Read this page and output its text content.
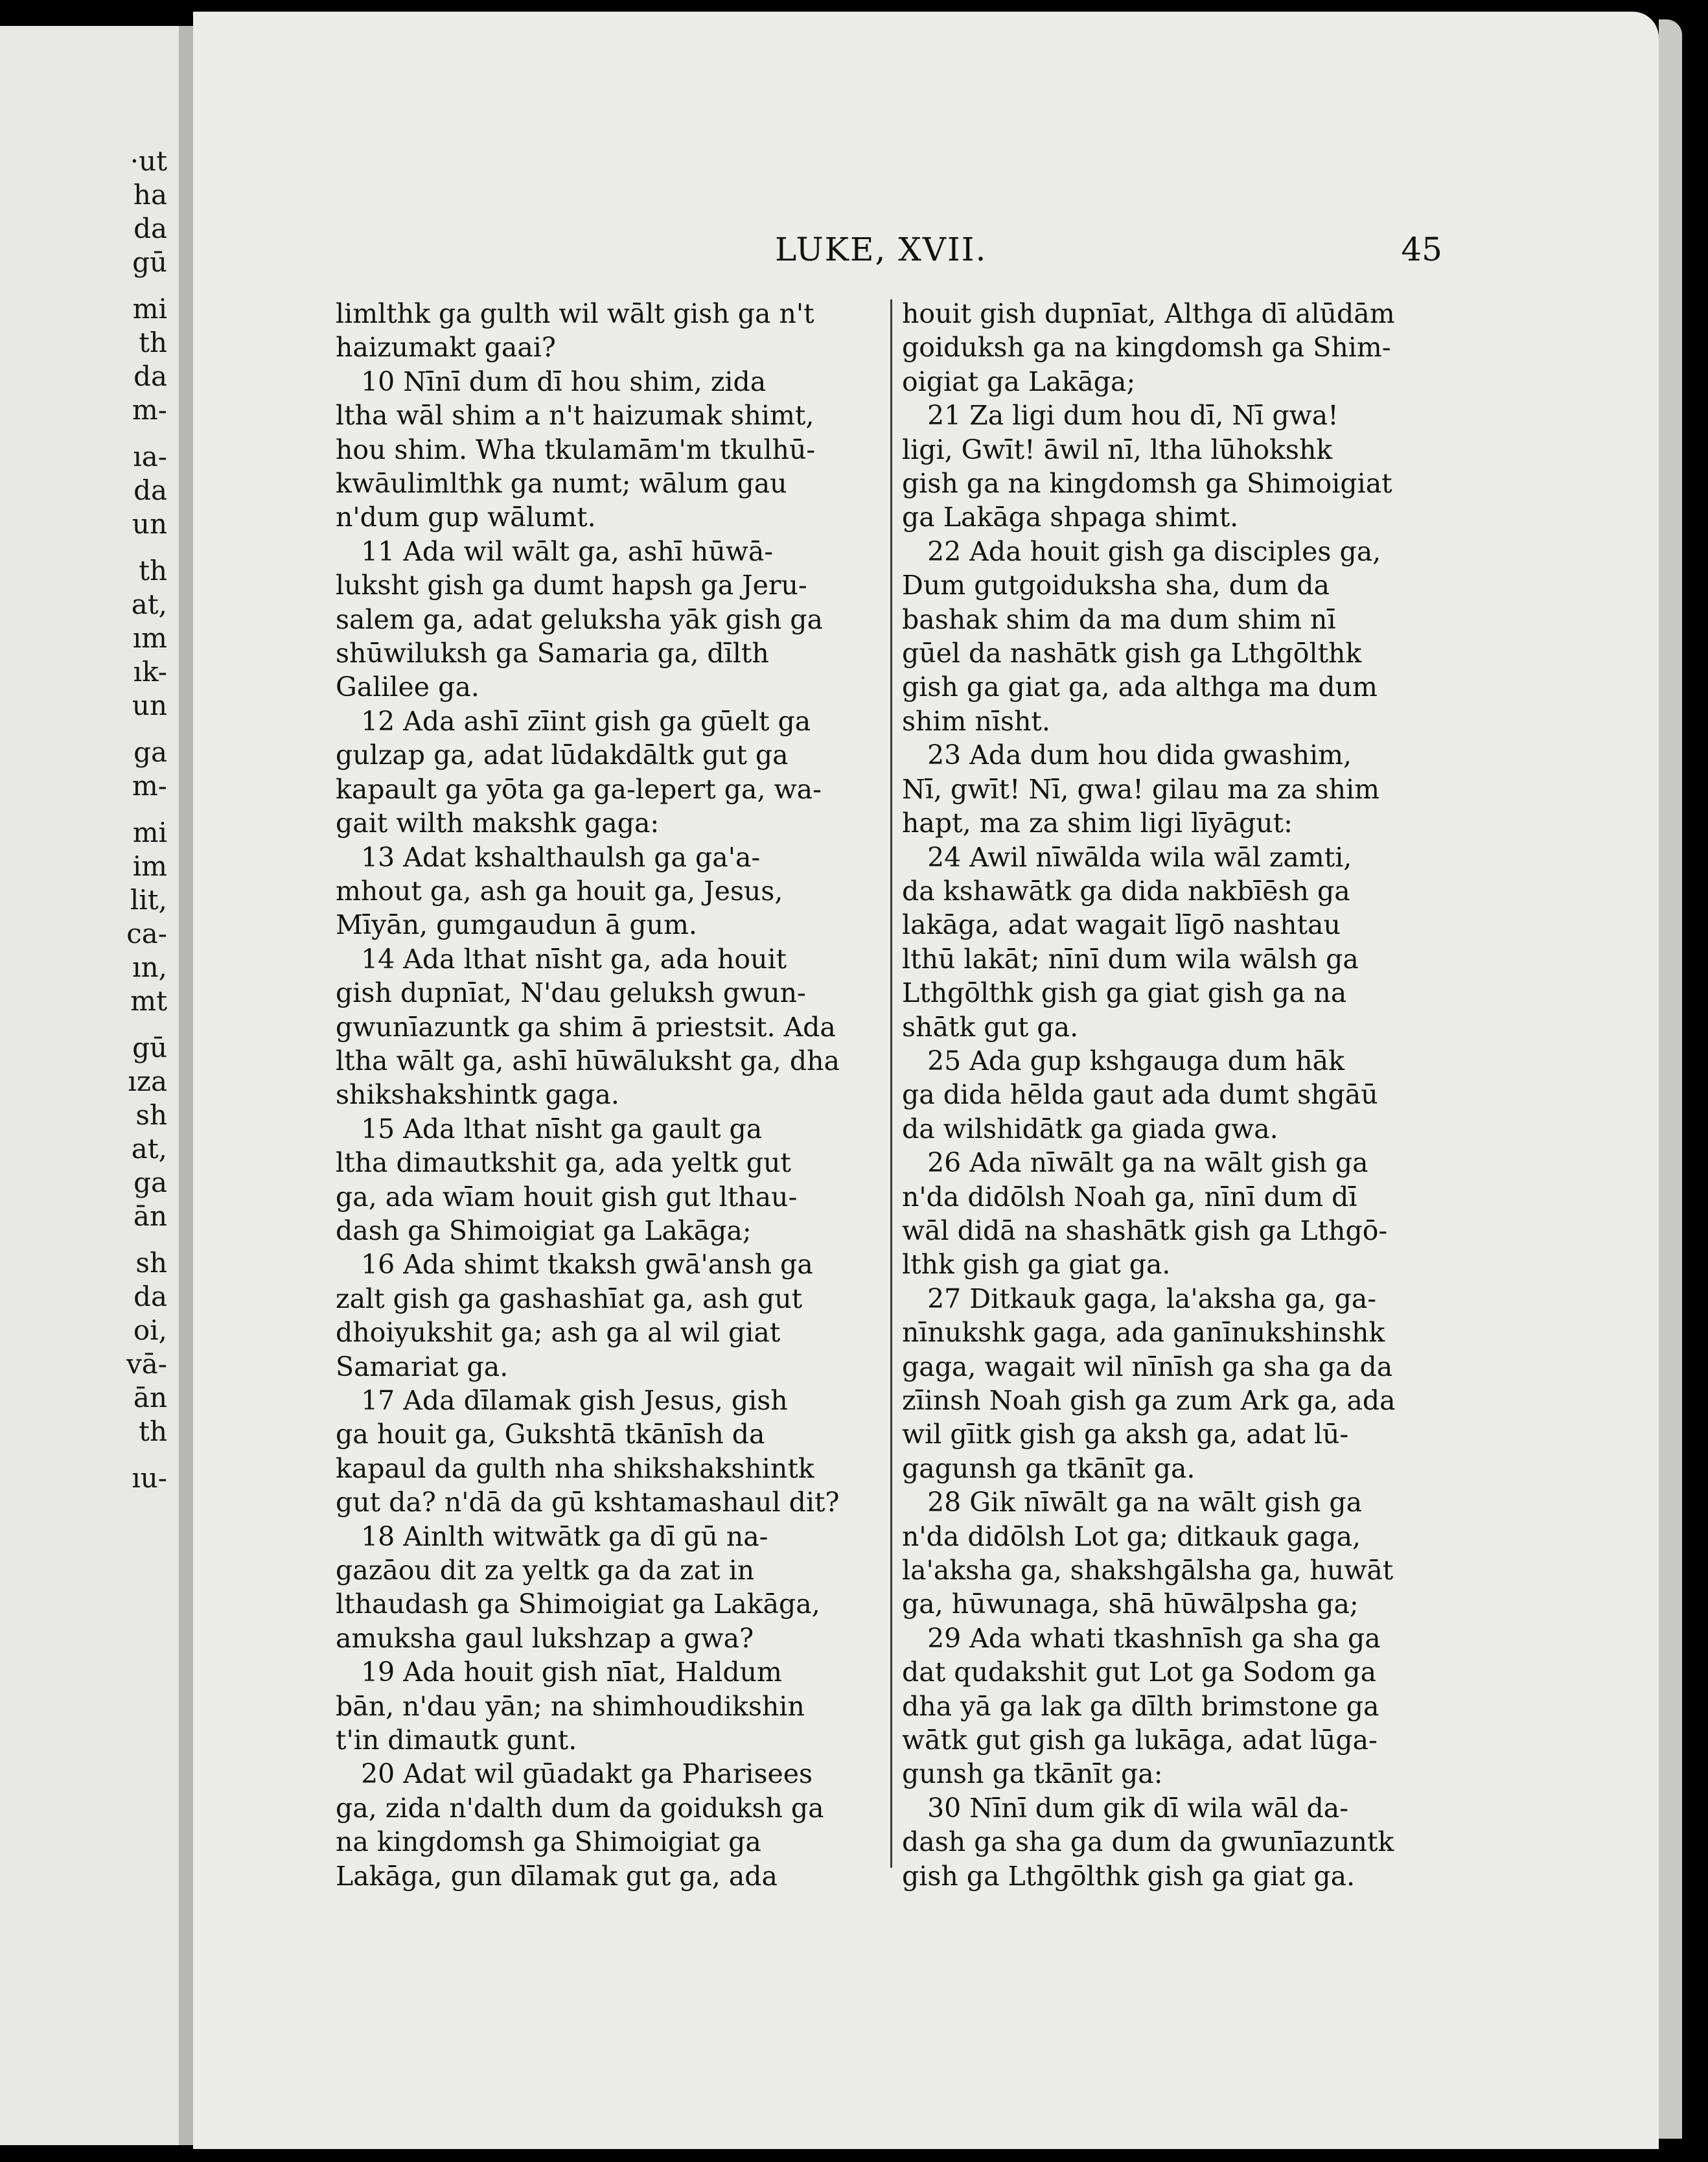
·ut
ha
da
gū
mi
th
da
m-
ıa-
da
un
th
at,
ım
ık-
un
ga
m-
mi
im
lit,
ca-
ın,
mt
gū
ıza
sh
at,
ga
ān
sh
da
oi,
vā-
ān
th
ıu-
LUKE, XVII.	45
limlthk ga gulth wil wālt gish ga n't
haizumakt gaai?
10 Nīnī dum dī hou shim, zida
ltha wāl shim a n't haizumak shimt,
hou shim. Wha tkulamām'm tkulhū-
kwāulimlthk ga numt; wālum gau
n'dum gup wālumt.
11 Ada wil wālt ga, ashī hūwā-
luksht gish ga dumt hapsh ga Jeru-
salem ga, adat geluksha yāk gish ga
shūwiluksh ga Samaria ga, dīlth
Galilee ga.
12 Ada ashī zīint gish ga gūelt ga
gulzap ga, adat lūdakdāltk gut ga
kapault ga yōta ga ga-lepert ga, wa-
gait wilth makshk gaga:
13 Adat kshalthaulsh ga ga'a-
mhout ga, ash ga houit ga, Jesus,
Mīyān, gumgaudun ā gum.
14 Ada lthat nīsht ga, ada houit
gish dupnīat, N'dau geluksh gwun-
gwunīazuntk ga shim ā priestsit. Ada
ltha wālt ga, ashī hūwāluksht ga, dha
shikshakshintk gaga.
15 Ada lthat nīsht ga gault ga
ltha dimautkshit ga, ada yeltk gut
ga, ada wīam houit gish gut lthau-
dash ga Shimoigiat ga Lakāga;
16 Ada shimt tkaksh gwā'ansh ga
zalt gish ga gashashīat ga, ash gut
dhoiyukshit ga; ash ga al wil giat
Samariat ga.
17 Ada dīlamak gish Jesus, gish
ga houit ga, Gukshtā tkānīsh da
kapaul da gulth nha shikshakshintk
gut da? n'dā da gū kshtamashaul dit?
18 Ainlth witwātk ga dī gū na-
gazāou dit za yeltk ga da zat in
lthaudash ga Shimoigiat ga Lakāga,
amuksha gaul lukshzap a gwa?
19 Ada houit gish nīat, Haldum
bān, n'dau yān; na shimhoudikshin
t'in dimautk gunt.
20 Adat wil gūadakt ga Pharisees
ga, zida n'dalth dum da goiduksh ga
na kingdomsh ga Shimoigiat ga
Lakāga, gun dīlamak gut ga, ada
houit gish dupnīat, Althga dī alūdām
goiduksh ga na kingdomsh ga Shim-
oigiat ga Lakāga;
21 Za ligi dum hou dī, Nī gwa!
ligi, Gwīt! āwil nī, ltha lūhokshk
gish ga na kingdomsh ga Shimoigiat
ga Lakāga shpaga shimt.
22 Ada houit gish ga disciples ga,
Dum gutgoiduksha sha, dum da
bashak shim da ma dum shim nī
gūel da nashātk gish ga Lthgōlthk
gish ga giat ga, ada althga ma dum
shim nīsht.
23 Ada dum hou dida gwashim,
Nī, gwīt! Nī, gwa! gilau ma za shim
hapt, ma za shim ligi līyāgut:
24 Awil nīwālda wila wāl zamti,
da kshawātk ga dida nakbīēsh ga
lakāga, adat wagait līgō nashtau
lthū lakāt; nīnī dum wila wālsh ga
Lthgōlthk gish ga giat gish ga na
shātk gut ga.
25 Ada gup kshgauga dum hāk
ga dida hēlda gaut ada dumt shgāū
da wilshidātk ga giada gwa.
26 Ada nīwālt ga na wālt gish ga
n'da didōlsh Noah ga, nīnī dum dī
wāl didā na shashātk gish ga Lthgō-
lthk gish ga giat ga.
27 Ditkauk gaga, la'aksha ga, ga-
nīnukshk gaga, ada ganīnukshinshk
gaga, wagait wil nīnīsh ga sha ga da
zīinsh Noah gish ga zum Ark ga, ada
wil gīitk gish ga aksh ga, adat lū-
gagunsh ga tkānīt ga.
28 Gik nīwālt ga na wālt gish ga
n'da didōlsh Lot ga; ditkauk gaga,
la'aksha ga, shakshgālsha ga, huwāt
ga, hūwunaga, shā hūwālpsha ga;
29 Ada whati tkashnīsh ga sha ga
dat qudakshit gut Lot ga Sodom ga
dha yā ga lak ga dīlth brimstone ga
wātk gut gish ga lukāga, adat lūga-
gunsh ga tkānīt ga:
30 Nīnī dum gik dī wila wāl da-
dash ga sha ga dum da gwunīazuntk
gish ga Lthgōlthk gish ga giat ga.
